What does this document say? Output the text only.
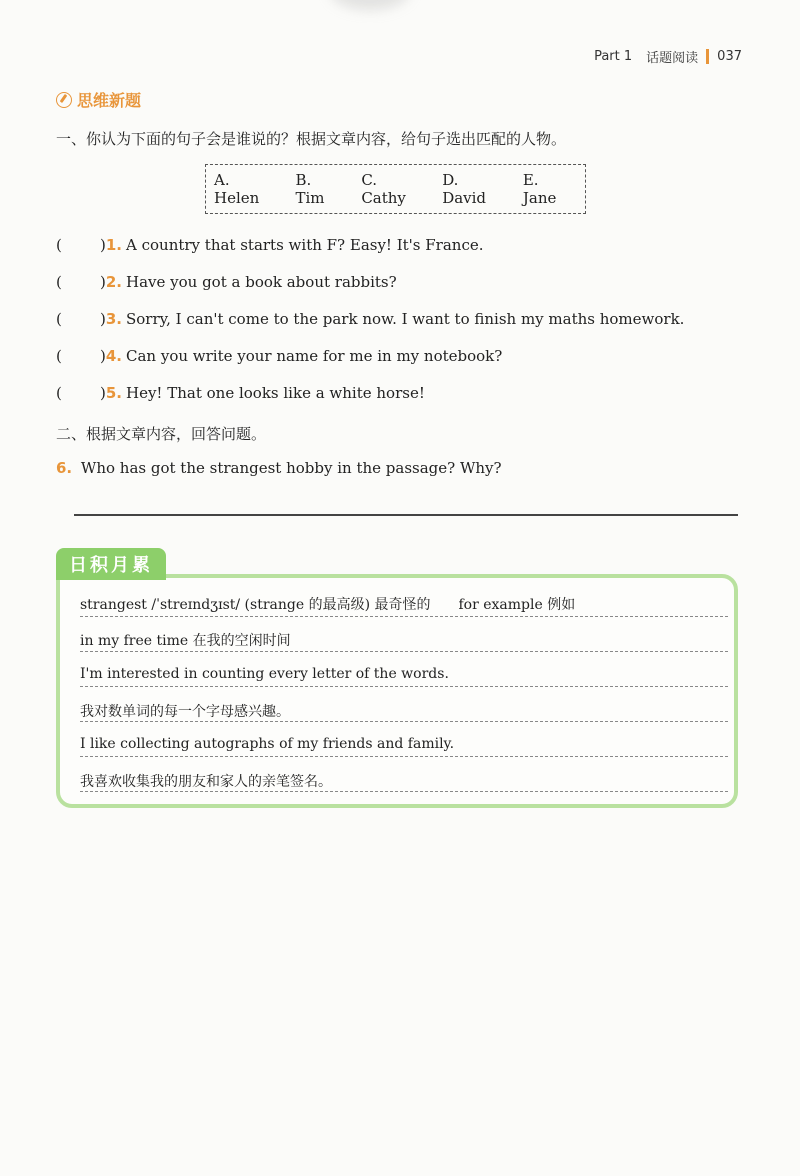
Part 1 话题阅读 037
思维新题
一、你认为下面的句子会是谁说的？根据文章内容，给句子选出匹配的人物。
A. Helen
B. Tim
C. Cathy
D. David
E. Jane
(	) 1. A country that starts with F? Easy! It's France.
(	) 2. Have you got a book about rabbits?
(	) 3. Sorry, I can't come to the park now. I want to finish my maths homework.
(	) 4. Can you write your name for me in my notebook?
(	) 5. Hey! That one looks like a white horse!
二、根据文章内容，回答问题。
6. Who has got the strangest hobby in the passage? Why?
日积月累
strangest /ˈstreɪndʒɪst/ (strange 的最高级) 最奇怪的 for example 例如
in my free time 在我的空闲时间
I'm interested in counting every letter of the words.
我对数单词的每一个字母感兴趣。
I like collecting autographs of my friends and family.
我喜欢收集我的朋友和家人的亲笔签名。
